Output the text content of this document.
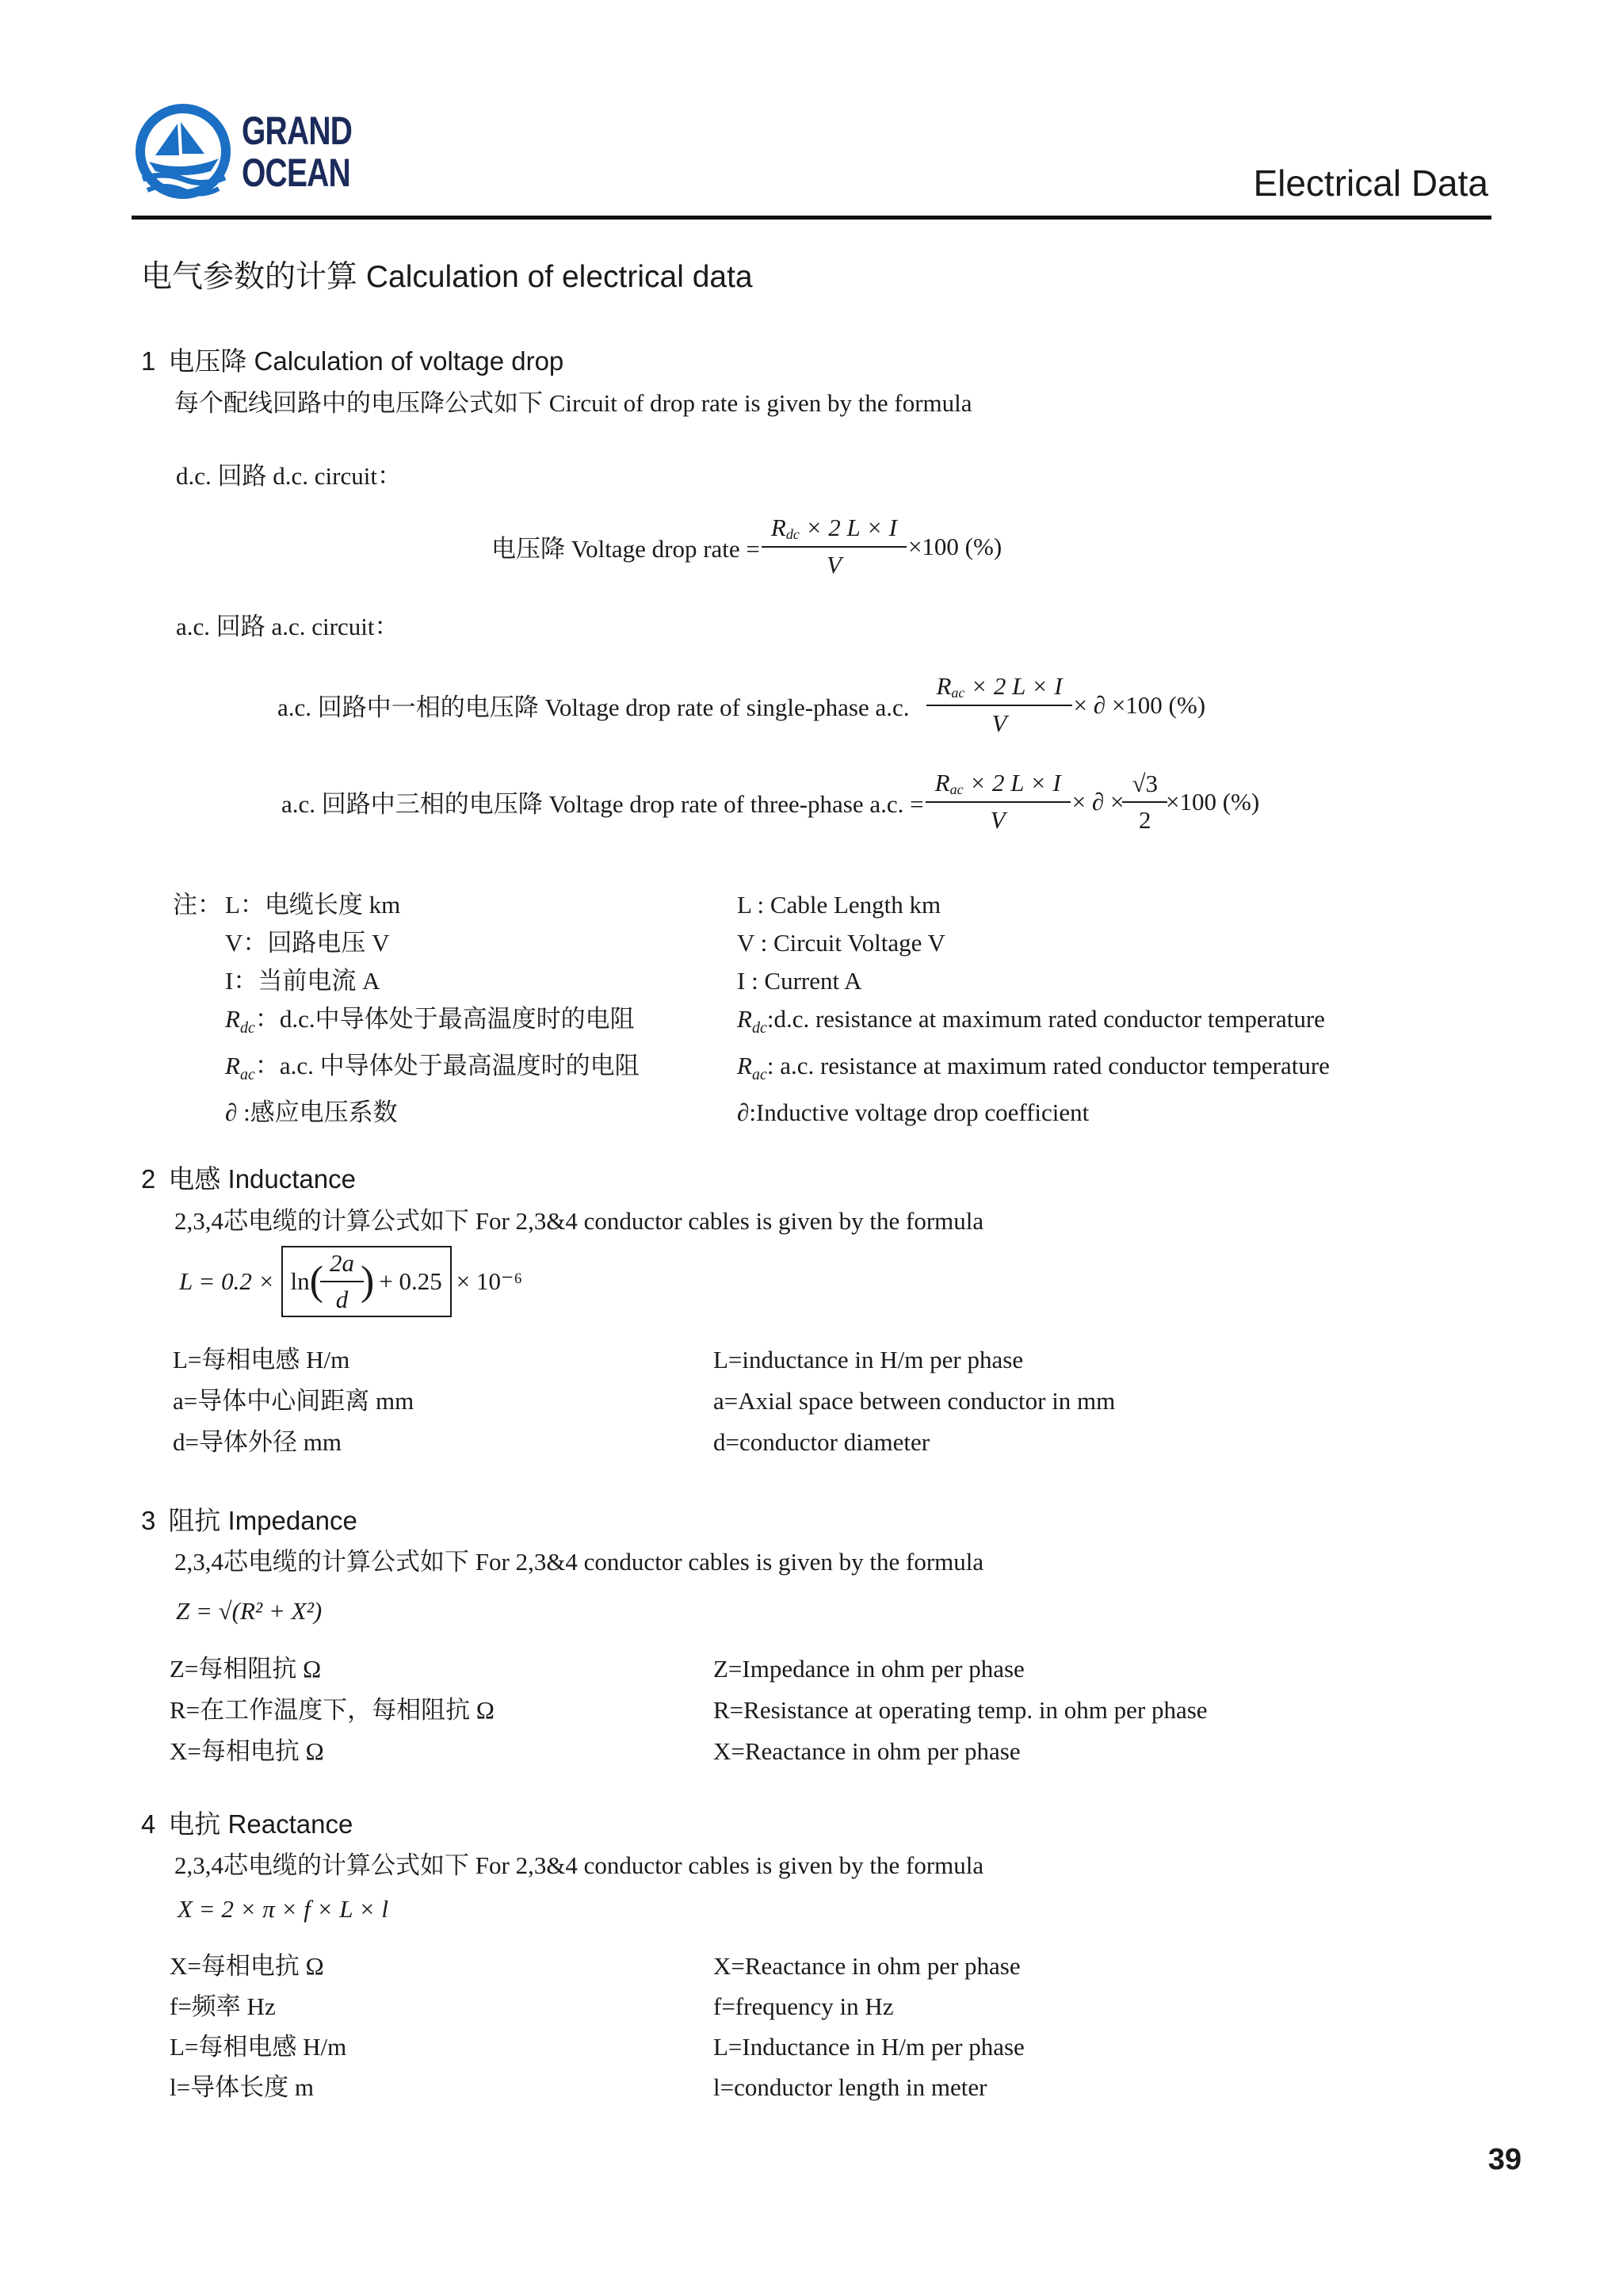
GRAND
OCEAN	Electrical Data
电气参数的计算 Calculation of electrical data
1 电压降 Calculation of voltage drop
每个配线回路中的电压降公式如下 Circuit of drop rate is given by the formula
d.c. 回路 d.c. circuit：
电压降 Voltage drop rate = $\frac{R_{dc} \times 2 L \times I}{V} \times 100$ (%)
a.c. 回路 a.c. circuit：
a.c. 回路中一相的电压降 Voltage drop rate of single-phase a.c. $\frac{R_{ac} \times 2 L \times I}{V}$ × ∂ ×100 (%)
a.c. 回路中三相的电压降 Voltage drop rate of three-phase a.c. = $\frac{R_{ac} \times 2 L \times I}{V}$ × ∂ × $\frac{√3}{2} \times 100$ (%)
注： L：电缆长度 km
V：回路电压 V
I：当前电流 A
$R_{dc}$：d.c.中导体处于最高温度时的电阻
$R_{ac}$：a.c. 中导体处于最高温度时的电阻
∂ :感应电压系数
L : Cable Length km
V : Circuit Voltage V
I : Current A
$R_{dc}:d.c$. resistance at maximum rated conductor temperature
$R_{ac}$: a.c. resistance at maximum rated conductor temperature
∂:Inductive voltage drop coefficient
2 电感 Inductance
2,3,4芯电缆的计算公式如下 For 2,3&4 conductor cables is given by the formula
L = 0.2 × ln ( $\frac{2a}{d}$ ) + 0.25 × 10⁻⁶
L=每相电感 H/m
a=导体中心间距离 mm
d=导体外径 mm
L=inductance in H/m per phase
a=Axial space between conductor in mm
d=conductor diameter
3 阻抗 Impedance
2,3,4芯电缆的计算公式如下 For 2,3&4 conductor cables is given by the formula
Z = √(R² + X²)
Z=每相阻抗 Ω
R=在工作温度下，每相阻抗 Ω
X=每相电抗 Ω
Z=Impedance in ohm per phase
R=Resistance at operating temp. in ohm per phase
X=Reactance in ohm per phase
4 电抗 Reactance
2,3,4芯电缆的计算公式如下 For 2,3&4 conductor cables is given by the formula
X = 2 × π × f × L × l
X=每相电抗 Ω
f=频率 Hz
L=每相电感 H/m
l=导体长度 m
X=Reactance in ohm per phase
f=frequency in Hz
L=Inductance in H/m per phase
l=conductor length in meter
39
